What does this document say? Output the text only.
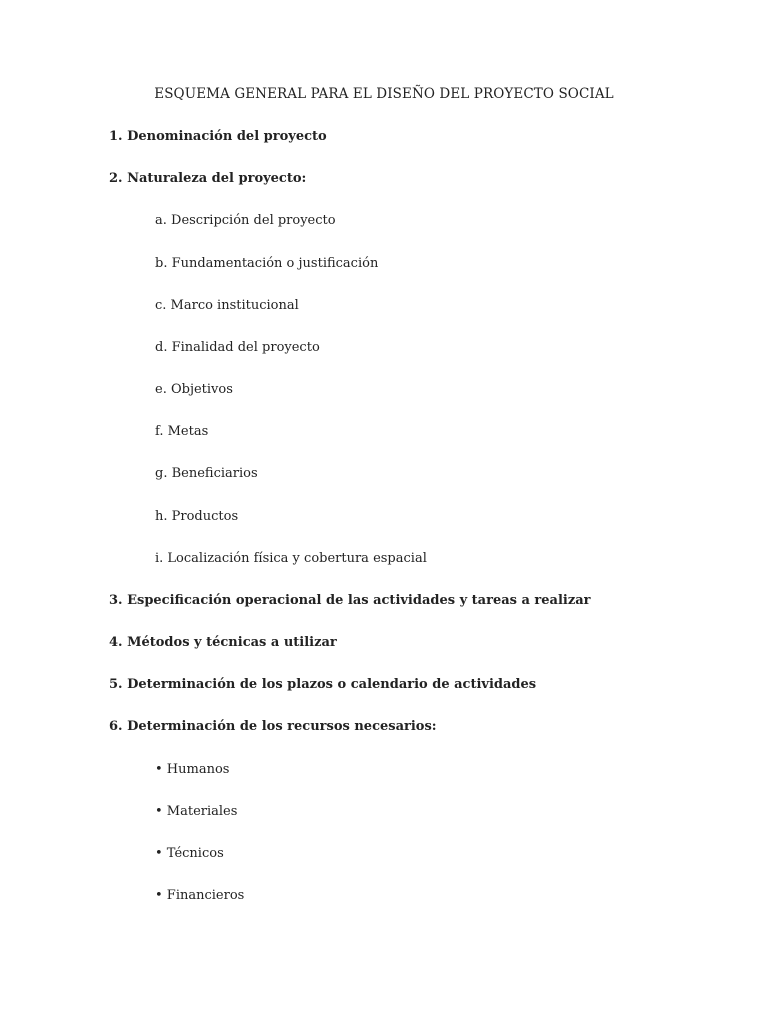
ESQUEMA GENERAL PARA EL DISEÑO DEL PROYECTO SOCIAL
1. Denominación del proyecto
2. Naturaleza del proyecto:
a. Descripción del proyecto
b. Fundamentación o justificación
c. Marco institucional
d. Finalidad del proyecto
e. Objetivos
f. Metas
g. Beneficiarios
h. Productos
i. Localización física y cobertura espacial
3. Especificación operacional de las actividades y tareas a realizar
4. Métodos y técnicas a utilizar
5. Determinación de los plazos o calendario de actividades
6. Determinación de los recursos necesarios:
• Humanos
• Materiales
• Técnicos
• Financieros
